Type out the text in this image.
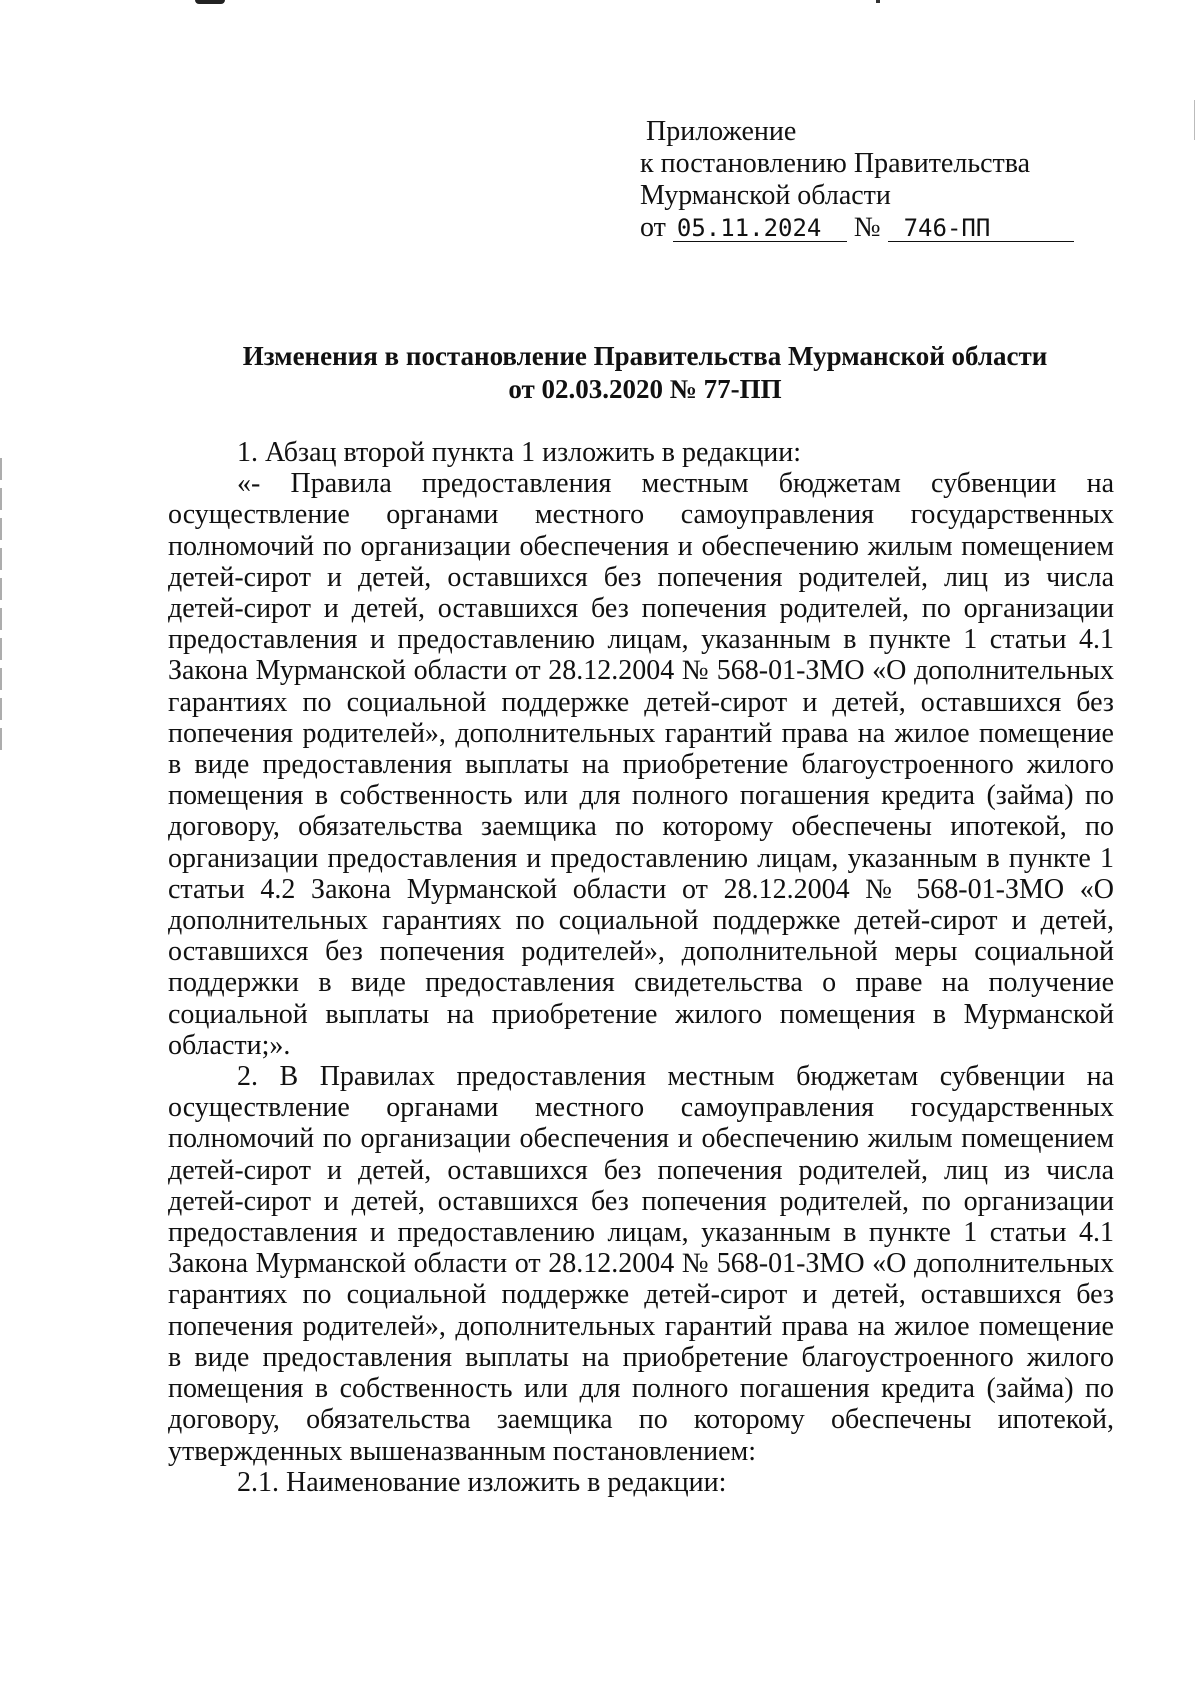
Приложение
к постановлению Правительства
Мурманской области
от 05.11.2024 № 746-ПП
Изменения в постановление Правительства Мурманской области
от 02.03.2020 № 77-ПП

1. Абзац второй пункта 1 изложить в редакции:

«- Правила предоставления местным бюджетам субвенции на осуществление органами местного самоуправления государственных полномочий по организации обеспечения и обеспечению жилым помещением детей-сирот и детей, оставшихся без попечения родителей, лиц из числа детей-сирот и детей, оставшихся без попечения родителей, по организации предоставления и предоставлению лицам, указанным в пункте 1 статьи 4.1 Закона Мурманской области от 28.12.2004 № 568-01-ЗМО «О дополнительных гарантиях по социальной поддержке детей-сирот и детей, оставшихся без попечения родителей», дополнительных гарантий права на жилое помещение в виде предоставления выплаты на приобретение благоустроенного жилого помещения в собственность или для полного погашения кредита (займа) по договору, обязательства заемщика по которому обеспечены ипотекой, по организации предоставления и предоставлению лицам, указанным в пункте 1 статьи 4.2 Закона Мурманской области от 28.12.2004 № 568-01-ЗМО «О дополнительных гарантиях по социальной поддержке детей-сирот и детей, оставшихся без попечения родителей», дополнительной меры социальной поддержки в виде предоставления свидетельства о праве на получение социальной выплаты на приобретение жилого помещения в Мурманской области;».

2. В Правилах предоставления местным бюджетам субвенции на осуществление органами местного самоуправления государственных полномочий по организации обеспечения и обеспечению жилым помещением детей-сирот и детей, оставшихся без попечения родителей, лиц из числа детей-сирот и детей, оставшихся без попечения родителей, по организации предоставления и предоставлению лицам, указанным в пункте 1 статьи 4.1 Закона Мурманской области от 28.12.2004 № 568-01-ЗМО «О дополнительных гарантиях по социальной поддержке детей-сирот и детей, оставшихся без попечения родителей», дополнительных гарантий права на жилое помещение в виде предоставления выплаты на приобретение благоустроенного жилого помещения в собственность или для полного погашения кредита (займа) по договору, обязательства заемщика по которому обеспечены ипотекой, утвержденных вышеназванным постановлением:

2.1. Наименование изложить в редакции:
